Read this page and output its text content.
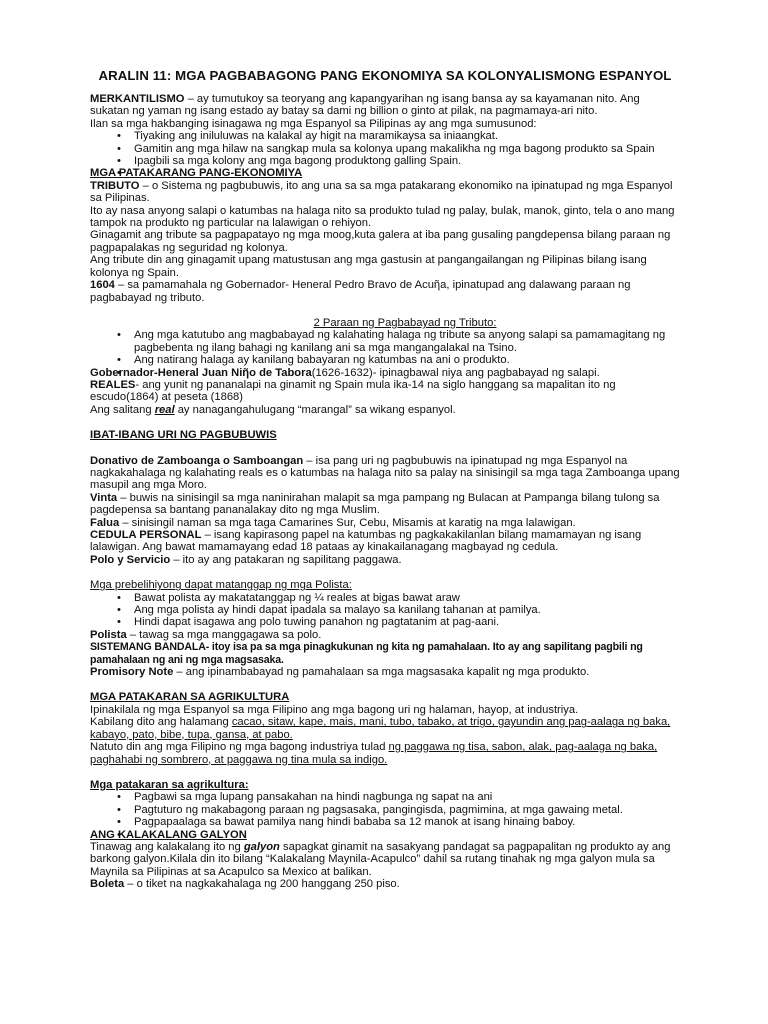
ARALIN 11: MGA PAGBABAGONG PANG EKONOMIYA SA KOLONYALISMONG ESPANYOL

MERKANTILISMO – ay tumutukoy sa teoryang ang kapangyarihan ng isang bansa ay sa kayamanan nito. Ang sukatan ng yaman ng isang estado ay batay sa dami ng billion o ginto at pilak, na pagmamaya-ari nito.

Ilan sa mga hakbanging isinagawa ng mga Espanyol sa Pilipinas ay ang mga sumusunod:

• Tiyaking ang iniluluwas na kalakal ay higit na maramikaysa sa iniaangkat.
• Gamitin ang mga hilaw na sangkap mula sa kolonya upang makalikha ng mga bagong produkto sa Spain
• Ipagbili sa mga kolony ang mga bagong produktong galling Spain.

MGA PATAKARANG PANG-EKONOMIYA

TRIBUTO – o Sistema ng pagbubuwis, ito ang una sa sa mga patakarang ekonomiko na ipinatupad ng mga Espanyol sa Pilipinas.

Ito ay nasa anyong salapi o katumbas na halaga nito sa produkto tulad ng palay, bulak, manok, ginto, tela o ano mang tampok na produkto ng particular na lalawigan o rehiyon.

Ginagamit ang tribute sa pagpapatayo ng mga moog,kuta galera at iba pang gusaling pangdepensa bilang paraan ng pagpapalakas ng seguridad ng kolonya.

Ang tribute din ang ginagamit upang matustusan ang mga gastusin at pangangailangan ng Pilipinas bilang isang kolonya ng Spain.

1604 – sa pamamahala ng Gobernador- Heneral Pedro Bravo de Acuῆa, ipinatupad ang dalawang paraan ng pagbabayad ng tributo.

2 Paraan ng Pagbabayad ng Tributo:

• Ang mga katutubo ang magbabayad ng kalahating halaga ng tribute sa anyong salapi sa pamamagitang ng pagbebenta ng ilang bahagi ng kanilang ani sa mga mangangalakal na Tsino.
• Ang natirang halaga ay kanilang babayaran ng katumbas na ani o produkto.

Gobernador-Heneral Juan Niῆo de Tabora(1626-1632)- ipinagbawal niya ang pagbabayad ng salapi.

REALES- ang yunit ng pananalapi na ginamit ng Spain mula ika-14 na siglo hanggang sa mapalitan ito ng escudo(1864) at peseta (1868)

Ang salitang real ay nanagangahulugang “marangal” sa wikang espanyol.

IBAT-IBANG URI NG PAGBUBUWIS

Donativo de Zamboanga o Samboangan – isa pang uri ng pagbubuwis na ipinatupad ng mga Espanyol na nagkakahalaga ng kalahating reals es o katumbas na halaga nito sa palay na sinisingil sa mga taga Zamboanga upang masupil ang mga Moro.

Vinta – buwis na sinisingil sa mga naninirahan malapit sa mga pampang ng Bulacan at Pampanga bilang tulong sa pagdepensa sa bantang pananalakay dito ng mga Muslim.

Falua – sinisingil naman sa mga taga Camarines Sur, Cebu, Misamis at karatig na mga lalawigan.

CEDULA PERSONAL – isang kapirasong papel na katumbas ng pagkakakilanlan bilang mamamayan ng isang lalawigan. Ang bawat mamamayang edad 18 pataas ay kinakailanagang magbayad ng cedula.

Polo y Servicio – ito ay ang patakaran ng sapilitang paggawa.

Mga prebelihiyong dapat matanggap ng mga Polista:

• Bawat polista ay makatatanggap ng ¼ reales at bigas bawat araw
• Ang mga polista ay hindi dapat ipadala sa malayo sa kanilang tahanan at pamilya.
• Hindi dapat isagawa ang polo tuwing panahon ng pagtatanim at pag-aani.

Polista – tawag sa mga manggagawa sa polo.

SISTEMANG BANDALA- itoy isa pa sa mga pinagkukunan ng kita ng pamahalaan. Ito ay ang sapilitang pagbili ng pamahalaan ng ani ng mga magsasaka.

Promisory Note – ang ipinambabayad ng pamahalaan sa mga magsasaka kapalit ng mga produkto.

MGA PATAKARAN SA AGRIKULTURA

Ipinakilala ng mga Espanyol sa mga Filipino ang mga bagong uri ng halaman, hayop, at industriya.

Kabilang dito ang halamang cacao, sitaw, kape, mais, mani, tubo, tabako, at trigo, gayundin ang pag-aalaga ng baka, kabayo, pato, bibe, tupa, gansa, at pabo.

Natuto din ang mga Filipino ng mga bagong industriya tulad ng paggawa ng tisa, sabon, alak, pag-aalaga ng baka, paghahabi ng sombrero, at paggawa ng tina mula sa indigo.

Mga patakaran sa agrikultura:

• Pagbawi sa mga lupang pansakahan na hindi nagbunga ng sapat na ani
• Pagtuturo ng makabagong paraan ng pagsasaka, pangingisda, pagmimina, at mga gawaing metal.
• Pagpapaalaga sa bawat pamilya nang hindi bababa sa 12 manok at isang hinaing baboy.

ANG KALAKALANG GALYON

Tinawag ang kalakalang ito ng galyon sapagkat ginamit na sasakyang pandagat sa pagpapalitan ng produkto ay ang barkong galyon.Kilala din ito bilang “Kalakalang Maynila-Acapulco” dahil sa rutang tinahak ng mga galyon mula sa Maynila sa Pilipinas at sa Acapulco sa Mexico at balikan.

Boleta – o tiket na nagkakahalaga ng 200 hanggang 250 piso.
